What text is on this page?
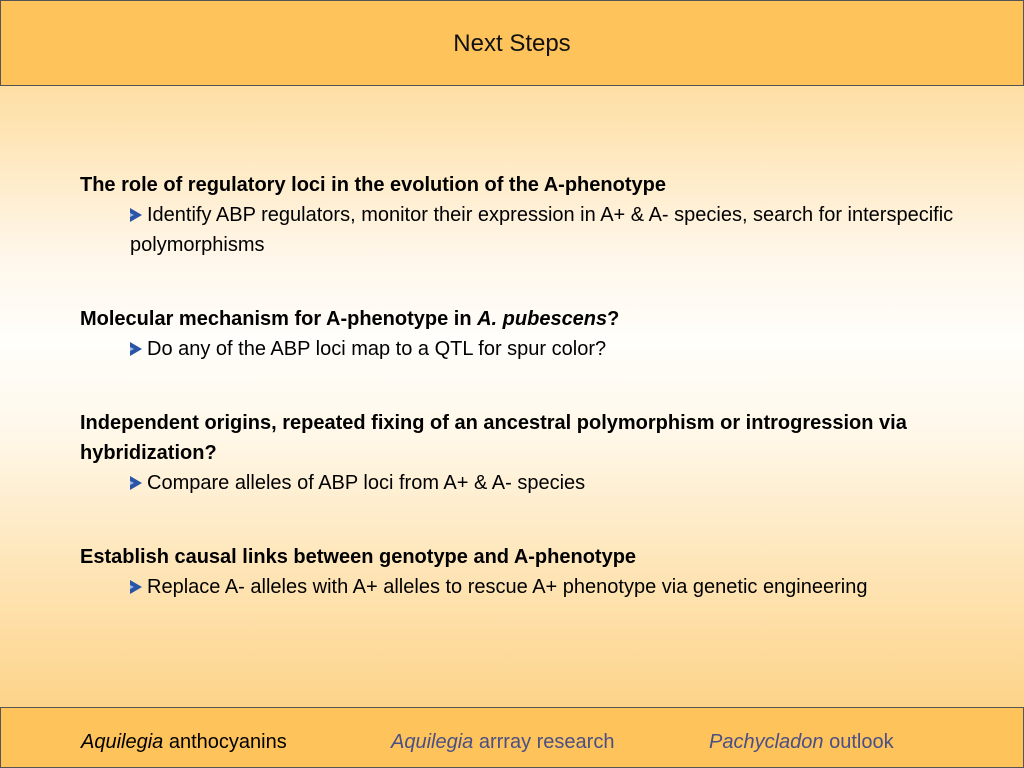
Next Steps
The role of regulatory loci in the evolution of the A-phenotype
Identify ABP regulators, monitor their expression in A+ & A- species, search for interspecific polymorphisms
Molecular mechanism for A-phenotype in A. pubescens?
Do any of the ABP loci map to a QTL for spur color?
Independent origins, repeated fixing of an ancestral polymorphism or introgression via hybridization?
Compare alleles of ABP loci from A+ & A- species
Establish causal links between genotype and A-phenotype
Replace A- alleles with A+ alleles to rescue A+ phenotype via genetic engineering
Aquilegia anthocyanins	Aquilegia arrray research	Pachycladon outlook
